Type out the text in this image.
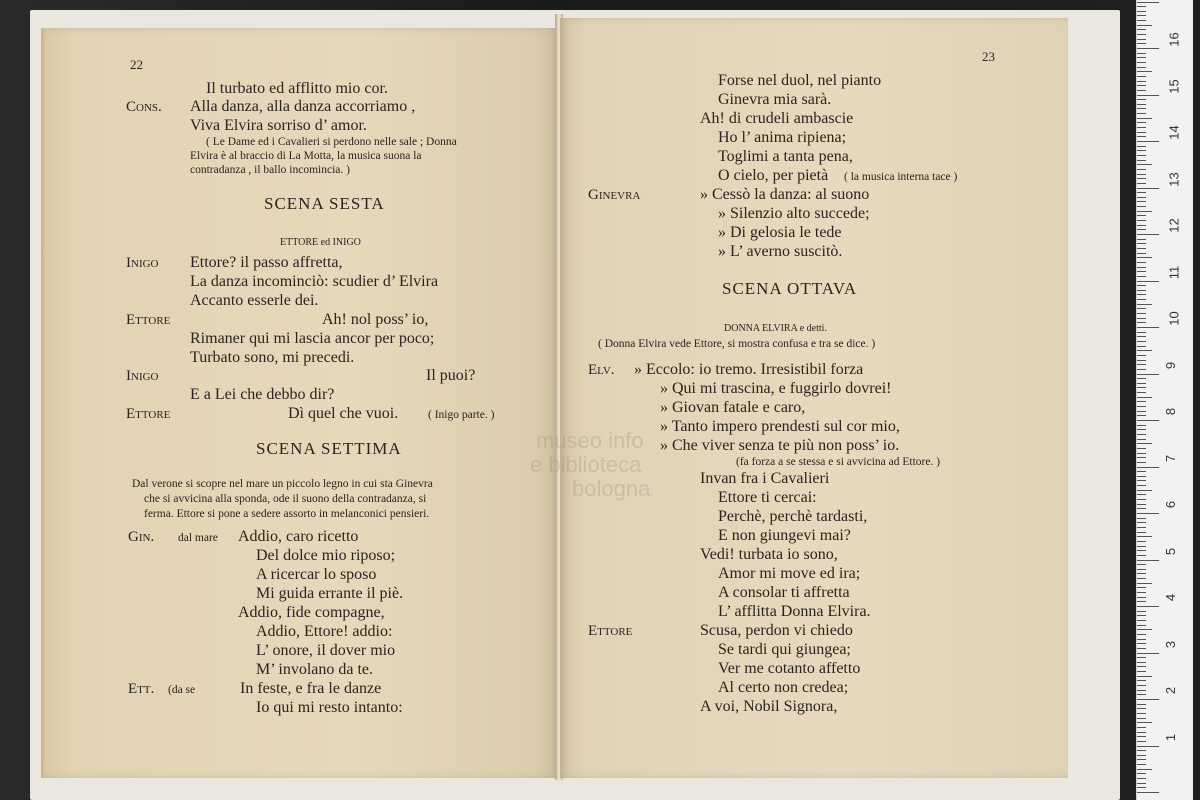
22
Il turbato ed afflitto mio cor.
Cons. Alla danza, alla danza accorriamo ,
Viva Elvira sorriso d’ amor.
( Le Dame ed i Cavalieri si perdono nelle sale ; Donna
Elvira è al braccio di La Motta, la musica suona la
contradanza , il ballo incomincia. )
SCENA SESTA
ETTORE ed INIGO
Inigo Ettore? il passo affretta,
La danza incominciò: scudier d’ Elvira
Accanto esserle dei.
Ettore	Ah! nol poss’ io,
Rimaner qui mi lascia ancor per poco;
Turbato sono, mi precedi.
Inigo	Il puoi?
E a Lei che debbo dir?
Ettore	Dì quel che vuoi.	( Inigo parte. )
SCENA SETTIMA
Dal verone si scopre nel mare un piccolo legno in cui sta Ginevra
che si avvicina alla sponda, ode il suono della contradanza, si
ferma. Ettore si pone a sedere assorto in melanconici pensieri.
Gin. dal mare Addio, caro ricetto
Del dolce mio riposo;
A ricercar lo sposo
Mi guida errante il piè.
Addio, fide compagne,
Addio, Ettore! addio:
L’ onore, il dover mio
M’ involano da te.
Ett. (da se	In feste, e fra le danze
Io qui mi resto intanto:
23
Forse nel duol, nel pianto
Ginevra mia sarà.
Ah! di crudeli ambascie
Ho l’ anima ripiena;
Toglimi a tanta pena,
O cielo, per pietà ( la musica interna tace )
Ginevra	» Cessò la danza: al suono
» Silenzio alto succede;
» Di gelosia le tede
» L’ averno suscitò.
SCENA OTTAVA
DONNA ELVIRA e detti.
( Donna Elvira vede Ettore, si mostra confusa e tra se dice. )
Elv. » Eccolo: io tremo. Irresistibil forza
» Qui mi trascina, e fuggirlo dovrei!
» Giovan fatale e caro,
» Tanto impero prendesti sul cor mio,
» Che viver senza te più non poss’ io.
(fa forza a se stessa e si avvicina ad Ettore. )
Invan fra i Cavalieri
Ettore ti cercai:
Perchè, perchè tardasti,
E non giungevi mai?
Vedi! turbata io sono,
Amor mi move ed ira;
A consolar ti affretta
L’ afflitta Donna Elvira.
Ettore	Scusa, perdon vi chiedo
Se tardi qui giungea;
Ver me cotanto affetto
Al certo non credea;
A voi, Nobil Signora,
museo info
e biblioteca
bologna
1
2
3
4
5
6
7
8
9
10
11
12
13
14
15
16
